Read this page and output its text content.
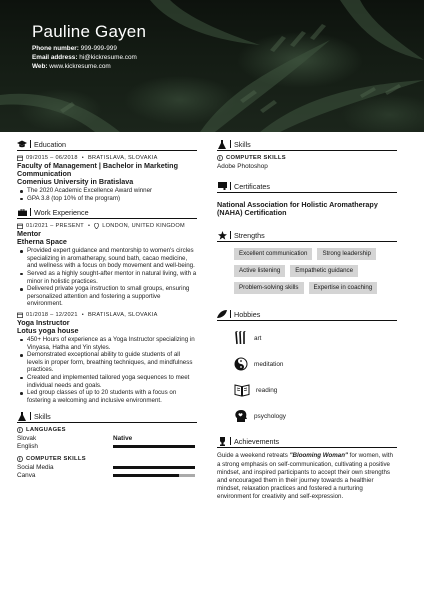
Pauline Gayen
Phone number: 999-999-999
Email address: hi@kickresume.com
Web: www.kickresume.com
Education
09/2015 – 06/2018 • BRATISLAVA, SLOVAKIA
Faculty of Management | Bachelor in Marketing Communication
Comenius University in Bratislava
The 2020 Academic Excellence Award winner
GPA 3.8 (top 10% of the program)
Work Experience
01/2021 – PRESENT • LONDON, UNITED KINGDOM
Mentor
Etherna Space
Provided expert guidance and mentorship to women's circles specializing in aromatherapy, sound bath, cacao medicine, and wellness with a focus on body movement and well-being.
Served as a highly sought-after mentor in natural living, with a minor in holistic practices.
Delivered private yoga instruction to small groups, ensuring personalized attention and fostering a supportive environment.
01/2018 – 12/2021 • BRATISLAVA, SLOVAKIA
Yoga Instructor
Lotus yoga house
450+ Hours of experience as a Yoga Instructor specializing in Vinyasa, Hatha and Yin styles.
Demonstrated exceptional ability to guide students of all levels in proper form, breathing techniques, and mindfulness practices.
Created and implemented tailored yoga sequences to meet individual needs and goals.
Led group classes of up to 20 students with a focus on fostering a welcoming and inclusive environment.
Skills
i LANGUAGES
Slovak	Native
English
i COMPUTER SKILLS
Social Media
Canva
Skills
i COMPUTER SKILLS
Adobe Photoshop
Certificates
National Association for Holistic Aromatherapy (NAHA) Certification
Strengths
Excellent communication	Strong leadership
Active listening	Empathetic guidance
Problem-solving skills	Expertise in coaching
Hobbies
art
meditation
reading
psychology
Achievements
Guide a weekend retreats "Blooming Woman" for women, with a strong emphasis on self-communication, cultivating a positive mindset, and inspired participants to accept their own strengths and encouraged them in their journey towards a healthier mindset, relaxation practices and fostered a nurturing environment for creativity and self-expression.
